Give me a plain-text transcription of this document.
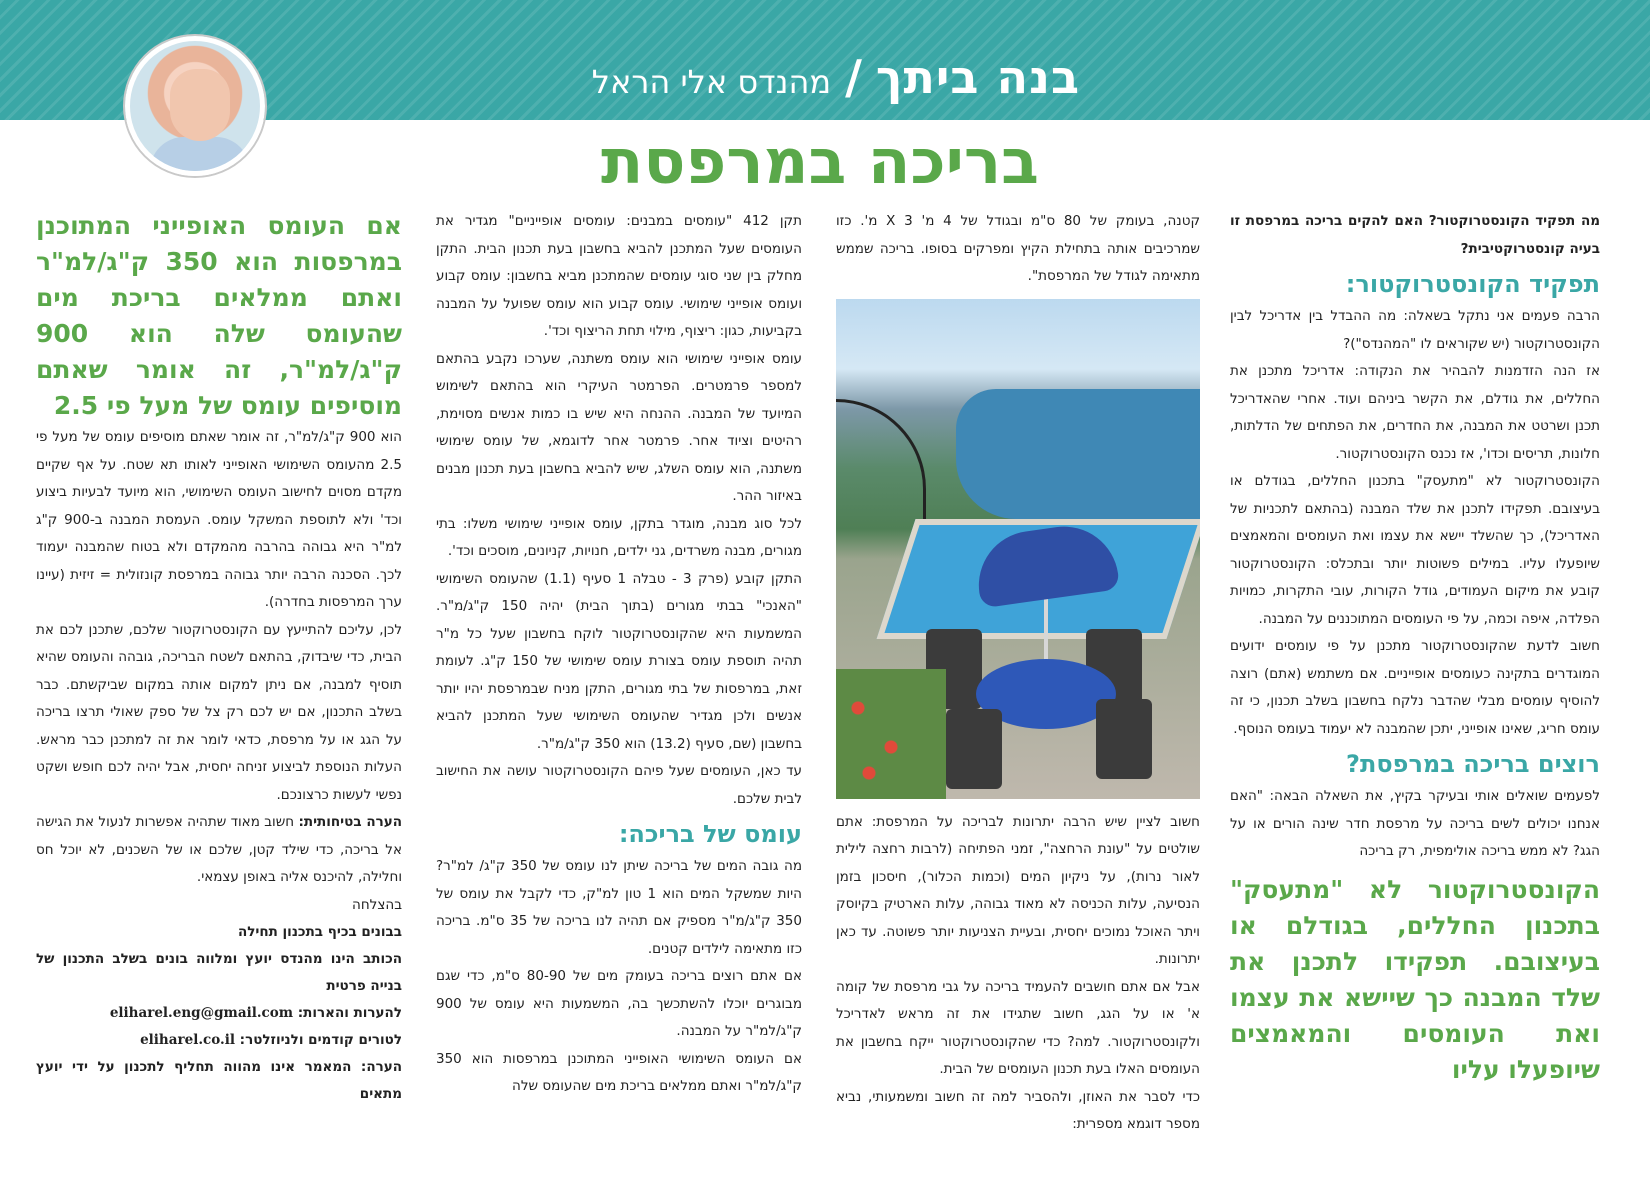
בנה ביתך
/
מהנדס אלי הראל
בריכה במרפסת

מה תפקיד הקונסטרוקטור? האם להקים בריכה במרפסת זו בעיה קונסטרוקטיבית?

תפקיד הקונסטרוקטור:

הרבה פעמים אני נתקל בשאלה: מה ההבדל בין אדריכל לבין הקונסטרוקטור (יש שקוראים לו "המהנדס")?

אז הנה הזדמנות להבהיר את הנקודה: אדריכל מתכנן את החללים, את גודלם, את הקשר ביניהם ועוד. אחרי שהאדריכל תכנן ושרטט את המבנה, את החדרים, את הפתחים של הדלתות, חלונות, תריסים וכדו', אז נכנס הקונסטרוקטור.

הקונסטרוקטור לא "מתעסק" בתכנון החללים, בגודלם או בעיצובם. תפקידו לתכנן את שלד המבנה (בהתאם לתכניות של האדריכל), כך שהשלד יישא את עצמו ואת העומסים והמאמצים שיופעלו עליו. במילים פשוטות יותר ובתכלס: הקונסטרוקטור קובע את מיקום העמודים, גודל הקורות, עובי התקרות, כמויות הפלדה, איפה וכמה, על פי העומסים המתוכננים על המבנה.

חשוב לדעת שהקונסטרוקטור מתכנן על פי עומסים ידועים המוגדרים בתקינה כעומסים אופייניים. אם משתמש (אתם) רוצה להוסיף עומסים מבלי שהדבר נלקח בחשבון בשלב תכנון, כי זה עומס חריג, שאינו אופייני, יתכן שהמבנה לא יעמוד בעומס הנוסף.

רוצים בריכה במרפסת?

לפעמים שואלים אותי ובעיקר בקיץ, את השאלה הבאה: "האם אנחנו יכולים לשים בריכה על מרפסת חדר שינה הורים או על הגג? לא ממש בריכה אולימפית, רק בריכה

הקונסטרוקטור לא "מתעסק" בתכנון החללים, בגודלם או בעיצובם. תפקידו לתכנן את שלד המבנה כך שיישא את עצמו ואת העומסים והמאמצים שיופעלו עליו

קטנה, בעומק של 80 ס"מ ובגודל של 4 מ' X 3 מ'. כזו שמרכיבים אותה בתחילת הקיץ ומפרקים בסופו. בריכה שממש מתאימה לגודל של המרפסת".

חשוב לציין שיש הרבה יתרונות לבריכה על המרפסת: אתם שולטים על "עונת הרחצה", זמני הפתיחה (לרבות רחצה לילית לאור נרות), על ניקיון המים (וכמות הכלור), חיסכון בזמן הנסיעה, עלות הכניסה לא מאוד גבוהה, עלות הארטיק בקיוסק ויתר האוכל נמוכים יחסית, ובעיית הצניעות יותר פשוטה. עד כאן יתרונות.

אבל אם אתם חושבים להעמיד בריכה על גבי מרפסת של קומה א' או על הגג, חשוב שתגידו את זה מראש לאדריכל ולקונסטרוקטור. למה? כדי שהקונסטרוקטור ייקח בחשבון את העומסים האלו בעת תכנון העומסים של הבית.

כדי לסבר את האוזן, ולהסביר למה זה חשוב ומשמעותי, נביא מספר דוגמא מספרית:

תקן 412 "עומסים במבנים: עומסים אופייניים" מגדיר את העומסים שעל המתכנן להביא בחשבון בעת תכנון הבית. התקן מחלק בין שני סוגי עומסים שהמתכנן מביא בחשבון: עומס קבוע ועומס אופייני שימושי. עומס קבוע הוא עומס שפועל על המבנה בקביעות, כגון: ריצוף, מילוי תחת הריצוף וכד'.

עומס אופייני שימושי הוא עומס משתנה, שערכו נקבע בהתאם למספר פרמטרים. הפרמטר העיקרי הוא בהתאם לשימוש המיועד של המבנה. ההנחה היא שיש בו כמות אנשים מסוימת, רהיטים וציוד אחר. פרמטר אחר לדוגמא, של עומס שימושי משתנה, הוא עומס השלג, שיש להביא בחשבון בעת תכנון מבנים באיזור ההר.

לכל סוג מבנה, מוגדר בתקן, עומס אופייני שימושי משלו: בתי מגורים, מבנה משרדים, גני ילדים, חנויות, קניונים, מוסכים וכד'.

התקן קובע (פרק 3 - טבלה 1 סעיף (1.1) שהעומס השימושי "האנכי" בבתי מגורים (בתוך הבית) יהיה 150 ק"ג/מ"ר. המשמעות היא שהקונסטרוקטור לוקח בחשבון שעל כל מ"ר תהיה תוספת עומס בצורת עומס שימושי של 150 ק"ג. לעומת זאת, במרפסות של בתי מגורים, התקן מניח שבמרפסת יהיו יותר אנשים ולכן מגדיר שהעומס השימושי שעל המתכנן להביא בחשבון (שם, סעיף (13.2) הוא 350 ק"ג/מ"ר.

עד כאן, העומסים שעל פיהם הקונסטרוקטור עושה את החישוב לבית שלכם.

עומס של בריכה:

מה גובה המים של בריכה שיתן לנו עומס של 350 ק"ג/ למ"ר? היות שמשקל המים הוא 1 טון למ"ק, כדי לקבל את עומס של 350 ק"ג/מ"ר מספיק אם תהיה לנו בריכה של 35 ס"מ. בריכה כזו מתאימה לילדים קטנים.

אם אתם רוצים בריכה בעומק מים של 80-90 ס"מ, כדי שגם מבוגרים יוכלו להשתכשך בה, המשמעות היא עומס של 900 ק"ג/למ"ר על המבנה.

אם העומס השימושי האופייני המתוכנן במרפסות הוא 350 ק"ג/למ"ר ואתם ממלאים בריכת מים שהעומס שלה

אם העומס האופייני המתוכנן במרפסות הוא 350 ק"ג/למ"ר ואתם ממלאים בריכת מים שהעומס שלה הוא 900 ק"ג/למ"ר, זה אומר שאתם מוסיפים עומס של מעל פי 2.5

הוא 900 ק"ג/למ"ר, זה אומר שאתם מוסיפים עומס של מעל פי 2.5 מהעומס השימושי האופייני לאותו תא שטח. על אף שקיים מקדם מסוים לחישוב העומס השימושי, הוא מיועד לבעיות ביצוע וכד' ולא לתוספת המשקל עומס. העמסת המבנה ב-900 ק"ג למ"ר היא גבוהה בהרבה מהמקדם ולא בטוח שהמבנה יעמוד לכך. הסכנה הרבה יותר גבוהה במרפסת קונזולית = זיזית (עיינו ערך המרפסות בחדרה).

לכן, עליכם להתייעץ עם הקונסטרוקטור שלכם, שתכנן לכם את הבית, כדי שיבדוק, בהתאם לשטח הבריכה, גובהה והעומס שהיא תוסיף למבנה, אם ניתן למקום אותה במקום שביקשתם. כבר בשלב התכנון, אם יש לכם רק צל של ספק שאולי תרצו בריכה על הגג או על מרפסת, כדאי לומר את זה למתכנן כבר מראש. העלות הנוספת לביצוע זניחה יחסית, אבל יהיה לכם חופש ושקט נפשי לעשות כרצונכם.

הערה בטיחותית: חשוב מאוד שתהיה אפשרות לנעול את הגישה אל בריכה, כדי שילד קטן, שלכם או של השכנים, לא יוכל חס וחלילה, להיכנס אליה באופן עצמאי.

בהצלחה

בבונים בכיף בתכנון תחילה

הכותב הינו מהנדס יועץ ומלווה בונים בשלב התכנון של בנייה פרטית

להערות והארות: eliharel.eng@gmail.com

לטורים קודמים ולניוזלטר: eliharel.co.il

הערה: המאמר אינו מהווה תחליף לתכנון על ידי יועץ מתאים
